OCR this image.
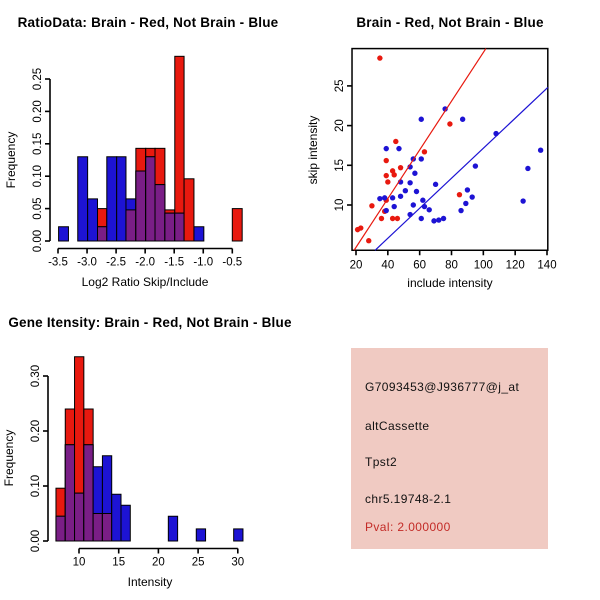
RatioData: Brain - Red, Not Brain - Blue
Log2 Ratio Skip/Include
Frequency
-3.5 -3.0 -2.5 -2.0 -1.5 -1.0 -0.5
0.00
0.05
0.10
0.15
0.20
0.25
Brain - Red, Not Brain - Blue
include intensity
skip intensity
20 40 60 80 100 120 140
10
15
20
25
Gene Itensity: Brain - Red, Not Brain - Blue
Intensity
Frequency
10 15 20 25 30
0.00
0.10
0.20
0.30	G7093453@J936777@j_at
altCassette
Tpst2
chr5.19748-2.1
Pval: 2.000000
